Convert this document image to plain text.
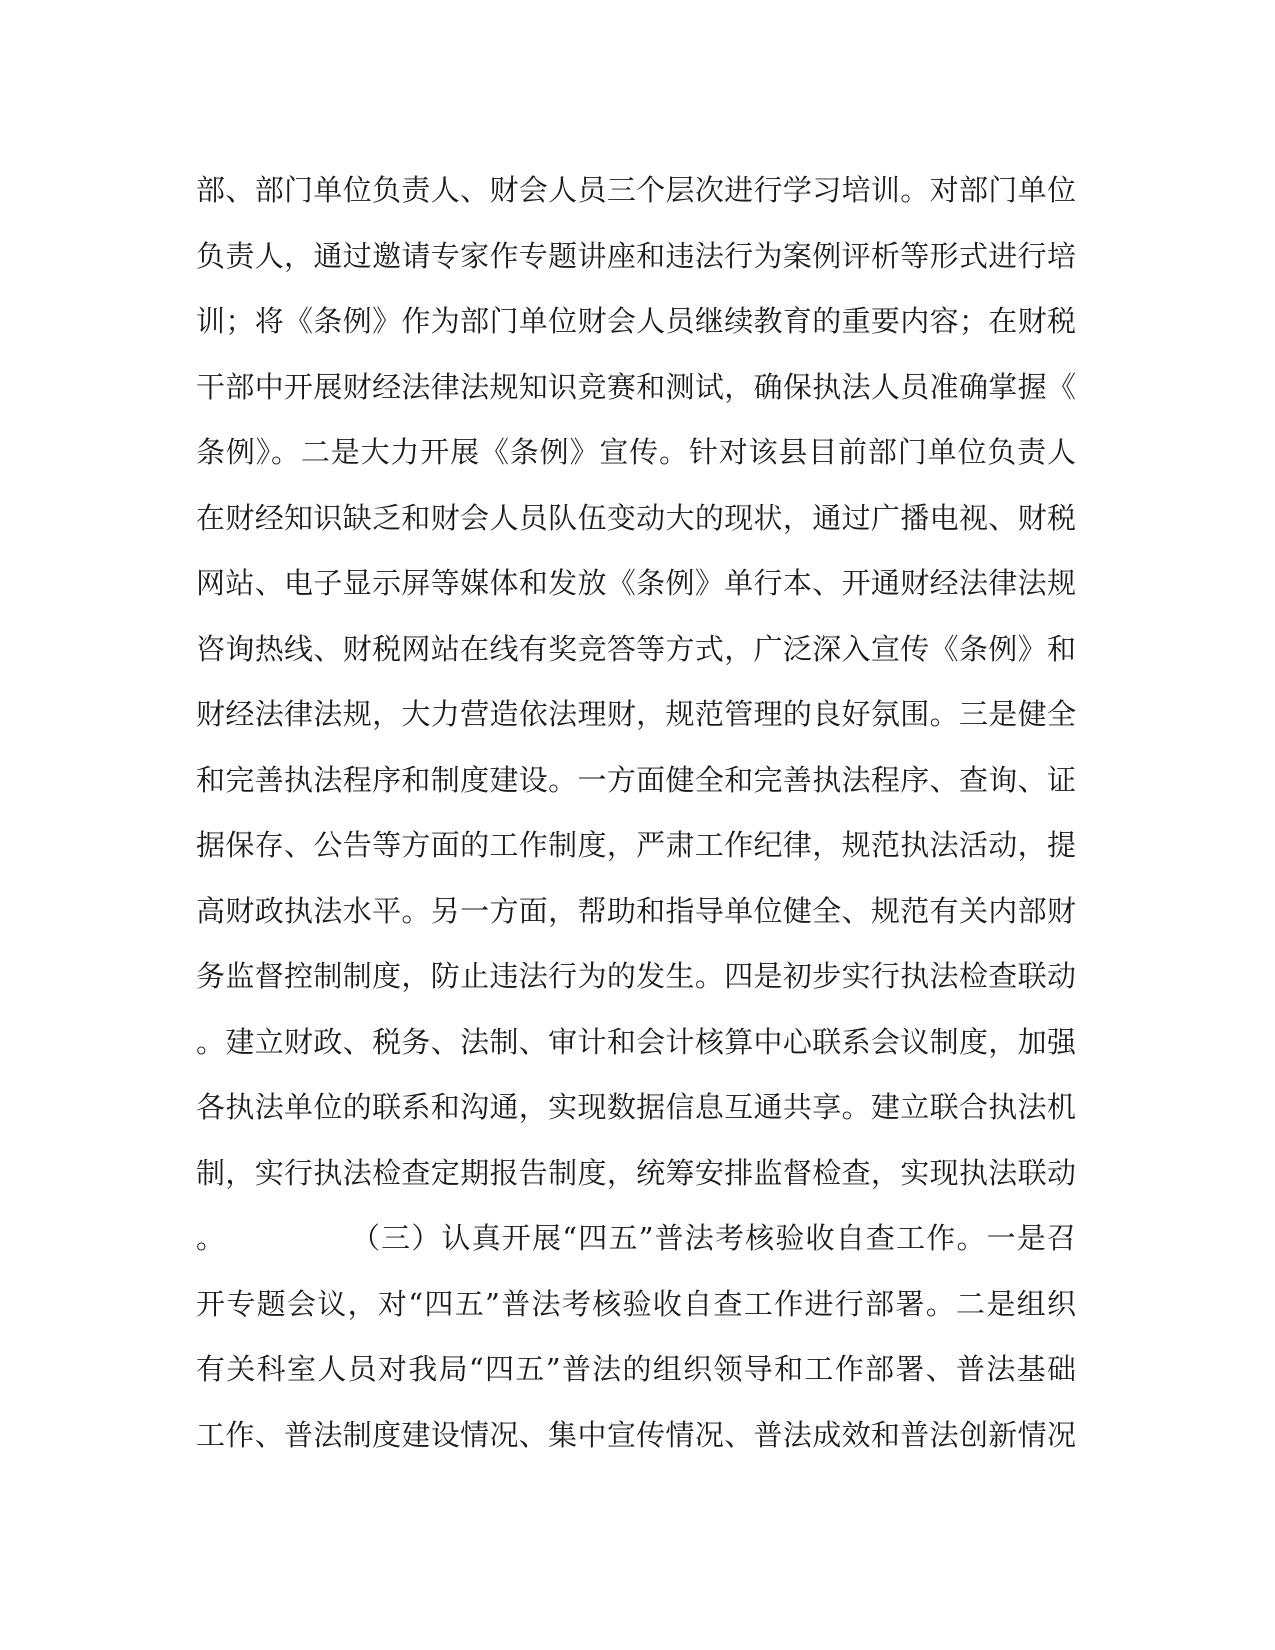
部、部门单位负责人、财会人员三个层次进行学习培训。对部门单位
负责人，通过邀请专家作专题讲座和违法行为案例评析等形式进行培
训；将《条例》作为部门单位财会人员继续教育的重要内容；在财税
干部中开展财经法律法规知识竞赛和测试，确保执法人员准确掌握《
条例》。二是大力开展《条例》宣传。针对该县目前部门单位负责人
在财经知识缺乏和财会人员队伍变动大的现状，通过广播电视、财税
网站、电子显示屏等媒体和发放《条例》单行本、开通财经法律法规
咨询热线、财税网站在线有奖竞答等方式，广泛深入宣传《条例》和
财经法律法规，大力营造依法理财，规范管理的良好氛围。三是健全
和完善执法程序和制度建设。一方面健全和完善执法程序、查询、证
据保存、公告等方面的工作制度，严肃工作纪律，规范执法活动，提
高财政执法水平。另一方面，帮助和指导单位健全、规范有关内部财
务监督控制制度，防止违法行为的发生。四是初步实行执法检查联动
。建立财政、税务、法制、审计和会计核算中心联系会议制度，加强
各执法单位的联系和沟通，实现数据信息互通共享。建立联合执法机
制，实行执法检查定期报告制度，统筹安排监督检查，实现执法联动
。            （三）认真开展“四五”普法考核验收自查工作。一是召
开专题会议，对“四五”普法考核验收自查工作进行部署。二是组织
有关科室人员对我局“四五”普法的组织领导和工作部署、普法基础
工作、普法制度建设情况、集中宣传情况、普法成效和普法创新情况
